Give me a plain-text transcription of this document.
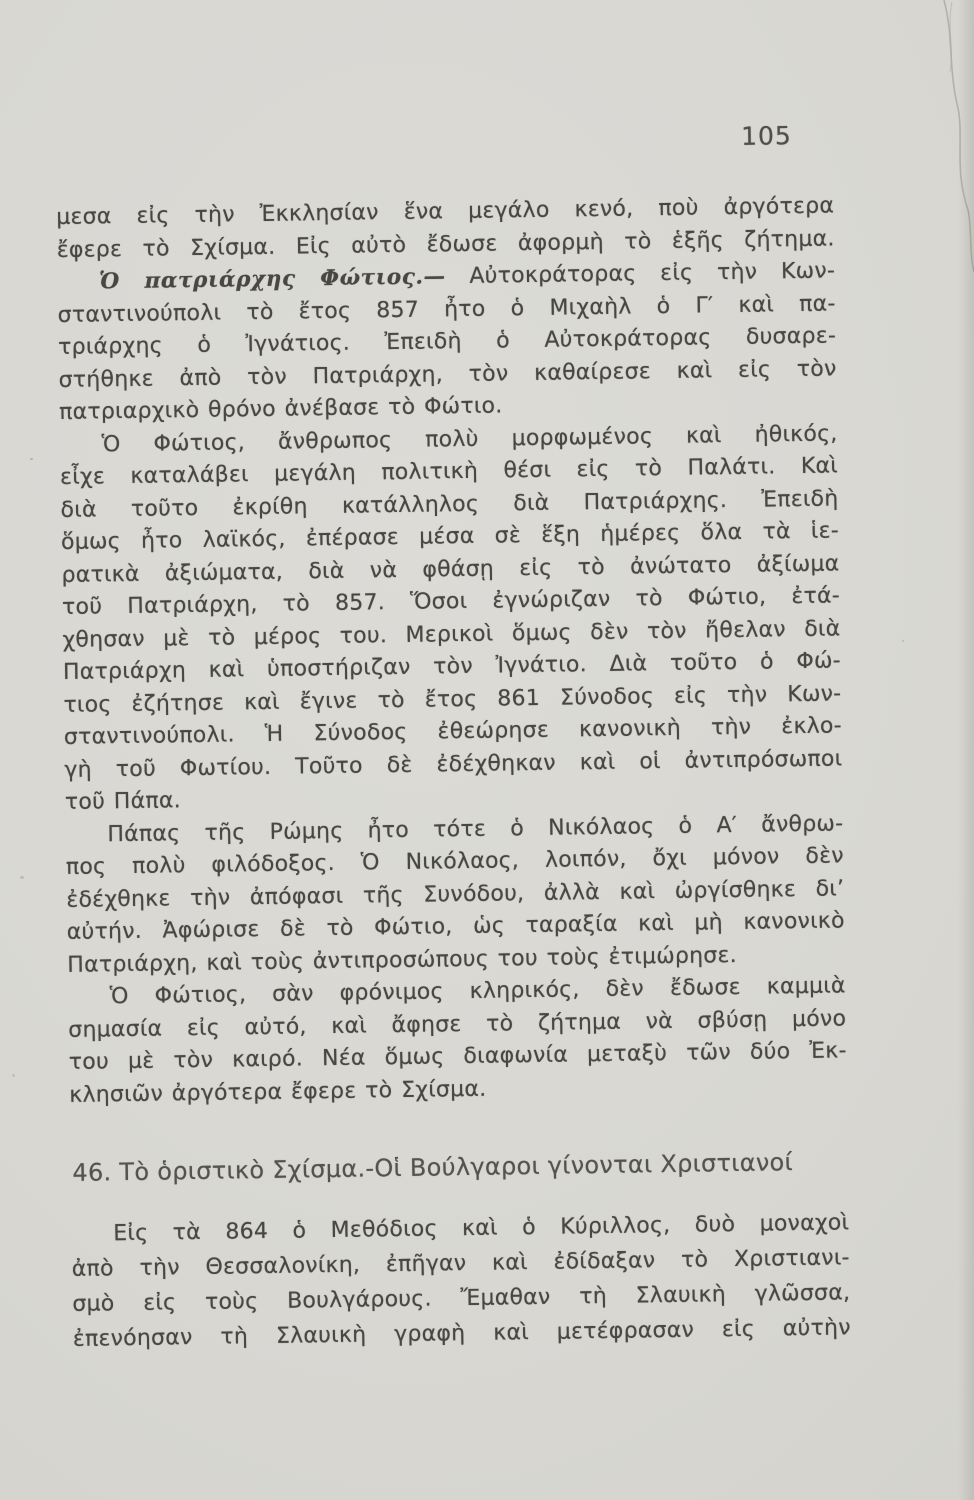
105
μεσα εἰς τὴν Ἐκκλησίαν ἕνα μεγάλο κενό, ποὺ ἀργότερα
ἔφερε τὸ Σχίσμα. Εἰς αὐτὸ ἔδωσε ἀφορμὴ τὸ ἑξῆς ζήτημα.
Ὁ πατριάρχης Φώτιος.— Αὐτοκράτορας εἰς τὴν Κων-
σταντινούπολι τὸ ἔτος 857 ἦτο ὁ Μιχαὴλ ὁ Γ′ καὶ πα-
τριάρχης ὁ Ἰγνάτιος. Ἐπειδὴ ὁ Αὐτοκράτορας δυσαρε-
στήθηκε ἀπὸ τὸν Πατριάρχη, τὸν καθαίρεσε καὶ εἰς τὸν
πατριαρχικὸ θρόνο ἀνέβασε τὸ Φώτιο.
Ὁ Φώτιος, ἄνθρωπος πολὺ μορφωμένος καὶ ἠθικός,
εἶχε καταλάβει μεγάλη πολιτικὴ θέσι εἰς τὸ Παλάτι. Καὶ
διὰ τοῦτο ἐκρίθη κατάλληλος διὰ Πατριάρχης. Ἐπειδὴ
ὅμως ἦτο λαϊκός, ἐπέρασε μέσα σὲ ἕξη ἡμέρες ὅλα τὰ ἱε-
ρατικὰ ἀξιώματα, διὰ νὰ φθάσῃ εἰς τὸ ἀνώτατο ἀξίωμα
τοῦ Πατριάρχη, τὸ 857. Ὅσοι ἐγνώριζαν τὸ Φώτιο, ἐτά-
χθησαν μὲ τὸ μέρος του. Μερικοὶ ὅμως δὲν τὸν ἤθελαν διὰ
Πατριάρχη καὶ ὑποστήριζαν τὸν Ἰγνάτιο. Διὰ τοῦτο ὁ Φώ-
τιος ἐζήτησε καὶ ἔγινε τὸ ἔτος 861 Σύνοδος εἰς τὴν Κων-
σταντινούπολι. Ἡ Σύνοδος ἐθεώρησε κανονικὴ τὴν ἐκλο-
γὴ τοῦ Φωτίου. Τοῦτο δὲ ἐδέχθηκαν καὶ οἱ ἀντιπρόσωποι
τοῦ Πάπα.
Πάπας τῆς Ρώμης ἦτο τότε ὁ Νικόλαος ὁ Α′ ἄνθρω-
πος πολὺ φιλόδοξος. Ὁ Νικόλαος, λοιπόν, ὄχι μόνον δὲν
ἐδέχθηκε τὴν ἀπόφασι τῆς Συνόδου, ἀλλὰ καὶ ὠργίσθηκε δι’
αὐτήν. Ἀφώρισε δὲ τὸ Φώτιο, ὡς ταραξία καὶ μὴ κανονικὸ
Πατριάρχη, καὶ τοὺς ἀντιπροσώπους του τοὺς ἐτιμώρησε.
Ὁ Φώτιος, σὰν φρόνιμος κληρικός, δὲν ἔδωσε καμμιὰ
σημασία εἰς αὐτό, καὶ ἄφησε τὸ ζήτημα νὰ σβύσῃ μόνο
του μὲ τὸν καιρό. Νέα ὅμως διαφωνία μεταξὺ τῶν δύο Ἐκ-
κλησιῶν ἀργότερα ἔφερε τὸ Σχίσμα.
46. Τὸ ὁριστικὸ Σχίσμα.-Οἱ Βούλγαροι γίνονται Χριστιανοί
Εἰς τὰ 864 ὁ Μεθόδιος καὶ ὁ Κύριλλος, δυὸ μοναχοὶ
ἀπὸ τὴν Θεσσαλονίκη, ἐπῆγαν καὶ ἐδίδαξαν τὸ Χριστιανι-
σμὸ εἰς τοὺς Βουλγάρους. Ἔμαθαν τὴ Σλαυικὴ γλῶσσα,
ἐπενόησαν τὴ Σλαυικὴ γραφὴ καὶ μετέφρασαν εἰς αὐτὴν
